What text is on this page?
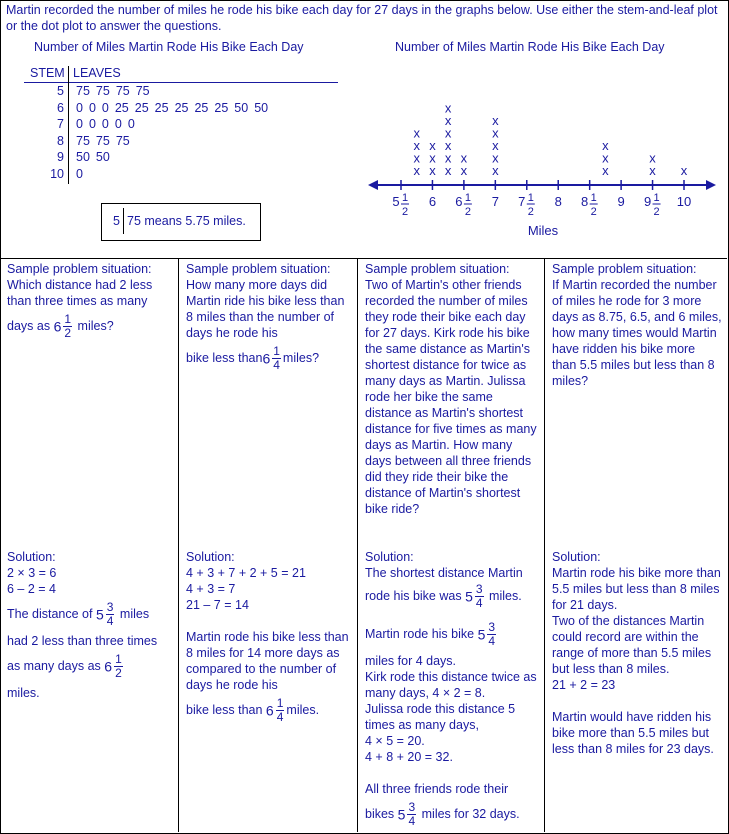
Martin recorded the number of miles he rode his bike each day for 27 days in the graphs below. Use either the stem-and-leaf plot or the dot plot to answer the questions.
Number of Miles Martin Rode His Bike Each Day
STEM LEAVES
5 75 75 75 75
6 0 0 0 25 25 25 25 25 25 50 50
7 0 0 0 0 0
8 75 75 75
9 50 50
10 0
5 75 means 5.75 miles.
Number of Miles Martin Rode His Bike Each Day
5 1
2
6 6 1
2
7 7 1
2
8 8 1
2
9 9 1
2
10
x
x
x
x
x
x
x
x
x
x
x
x
x
x
x
x
x
x
x
x
x
x
x
x
x
x
Miles
Sample problem situation:
Which distance had 2 less than three times as many
days as $6 \frac{1}{2}$ miles?
Solution:
2 × 3 = 6
6 – 2 = 4
The distance of $5 \frac{3}{4}$ miles
had 2 less than three times
as many days as $6 \frac{1}{2}$
miles.
Sample problem situation:
How many more days did Martin ride his bike less than 8 miles than the number of days he rode his
bike less than6 $\frac{1}{4}$ miles?
Solution:
4 + 3 + 7 + 2 + 5 = 21
4 + 3 = 7
21 – 7 = 14
Martin rode his bike less than 8 miles for 14 more days as compared to the number of days he rode his
bike less than $6 \frac{1}{4}$ miles.
Sample problem situation:
Two of Martin's other friends recorded the number of miles they rode their bike each day for 27 days. Kirk rode his bike the same distance as Martin's shortest distance for twice as many days as Martin. Julissa rode her bike the same distance as Martin's shortest distance for five times as many days as Martin. How many days between all three friends did they ride their bike the distance of Martin's shortest bike ride?
Solution:
The shortest distance Martin
rode his bike was $5 \frac{3}{4}$ miles.
Martin rode his bike $5 \frac{3}{4}$
miles for 4 days.
Kirk rode this distance twice as many days, 4 × 2 = 8.
Julissa rode this distance 5 times as many days,
4 × 5 = 20.
4 + 8 + 20 = 32.
All three friends rode their
bikes $5 \frac{3}{4}$ miles for 32 days.
Sample problem situation:
If Martin recorded the number of miles he rode for 3 more days as 8.75, 6.5, and 6 miles, how many times would Martin have ridden his bike more than 5.5 miles but less than 8 miles?
Solution:
Martin rode his bike more than 5.5 miles but less than 8 miles for 21 days.
Two of the distances Martin could record are within the range of more than 5.5 miles but less than 8 miles.
21 + 2 = 23
Martin would have ridden his bike more than 5.5 miles but less than 8 miles for 23 days.
